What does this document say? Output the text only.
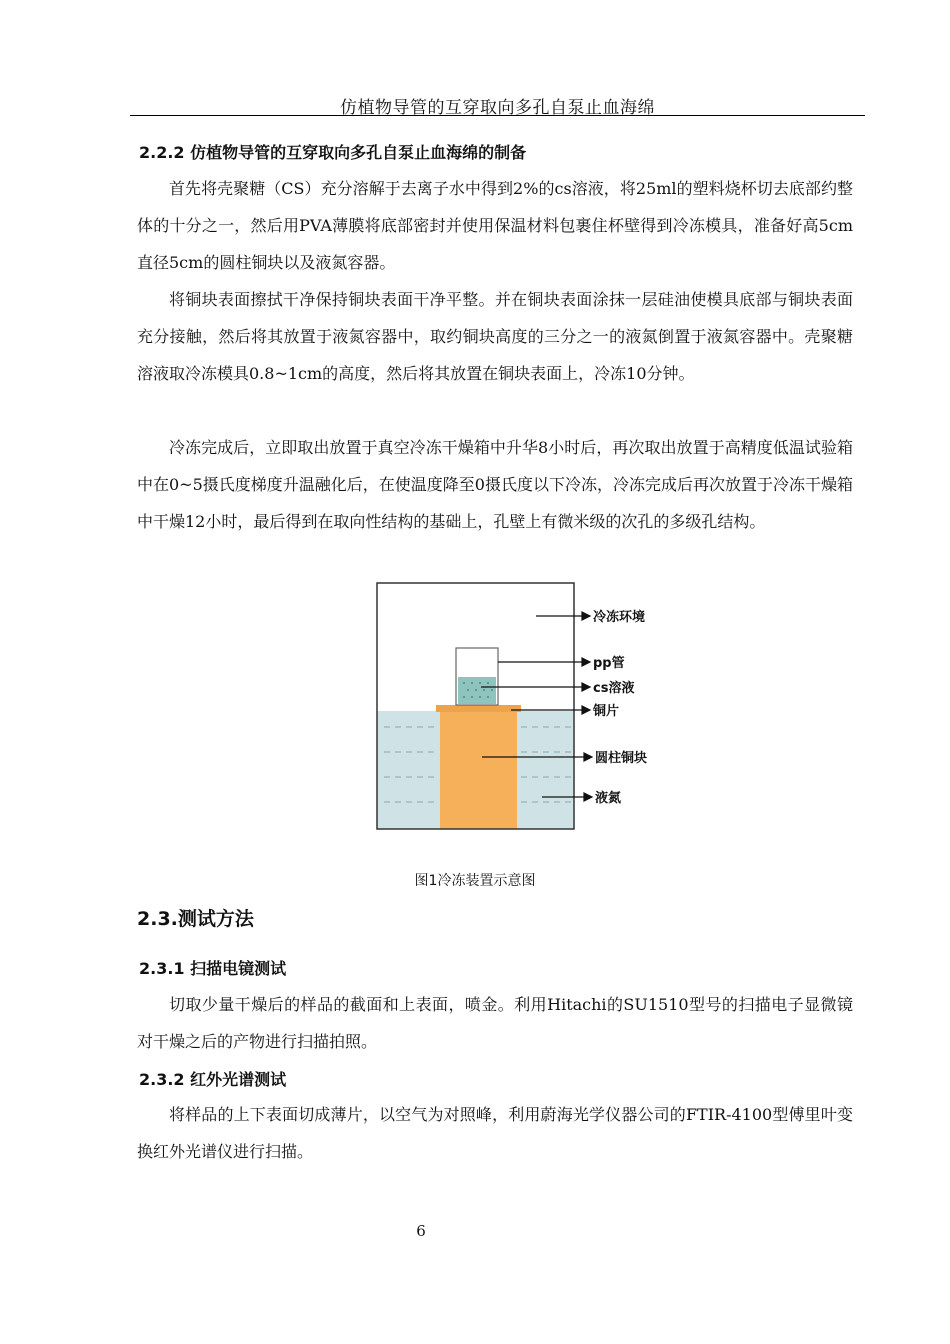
仿植物导管的互穿取向多孔自泵止血海绵
2.2.2 仿植物导管的互穿取向多孔自泵止血海绵的制备

首先将壳聚糖（CS）充分溶解于去离子水中得到2%的cs溶液，将25ml的塑料烧杯切去底部约整体的十分之一，然后用PVA薄膜将底部密封并使用保温材料包裹住杯壁得到冷冻模具，准备好高5cm直径5cm的圆柱铜块以及液氮容器。

将铜块表面擦拭干净保持铜块表面干净平整。并在铜块表面涂抹一层硅油使模具底部与铜块表面充分接触，然后将其放置于液氮容器中，取约铜块高度的三分之一的液氮倒置于液氮容器中。壳聚糖溶液取冷冻模具0.8~1cm的高度，然后将其放置在铜块表面上，冷冻10分钟。

冷冻完成后，立即取出放置于真空冷冻干燥箱中升华8小时后，再次取出放置于高精度低温试验箱中在0~5摄氏度梯度升温融化后，在使温度降至0摄氏度以下冷冻，冷冻完成后再次放置于冷冻干燥箱中干燥12小时，最后得到在取向性结构的基础上，孔壁上有微米级的次孔的多级孔结构。

冷冻环境
pp管
cs溶液
铜片
圆柱铜块
液氮
图1冷冻装置示意图
2.3.测试方法
2.3.1 扫描电镜测试

切取少量干燥后的样品的截面和上表面，喷金。利用Hitachi的SU1510型号的扫描电子显微镜对干燥之后的产物进行扫描拍照。

2.3.2 红外光谱测试

将样品的上下表面切成薄片，以空气为对照峰，利用蔚海光学仪器公司的FTIR-4100型傅里叶变换红外光谱仪进行扫描。

6
